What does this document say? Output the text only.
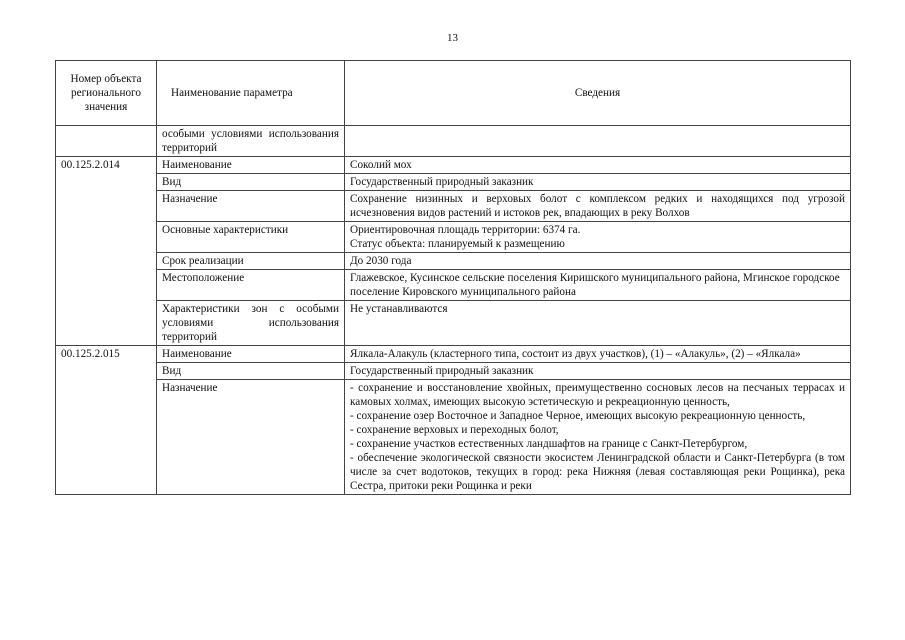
13
Номер объекта регионального значения	Наименование параметра	Сведения
	особыми условиями использования территорий	
00.125.2.014	Наименование	Соколий мох
	Вид	Государственный природный заказник
	Назначение	Сохранение низинных и верховых болот с комплексом редких и находящихся под угрозой исчезновения видов растений и истоков рек, впадающих в реку Волхов
	Основные характеристики	Ориентировочная площадь территории: 6374 га.
Статус объекта: планируемый к размещению

	Срок реализации	До 2030 года
	Местоположение	Глажевское, Кусинское сельские поселения Киришского муниципального района, Мгинское городское поселение Кировского муниципального района
	Характеристики зон с особыми условиями использования территорий	Не устанавливаются
00.125.2.015	Наименование	Ялкала-Алакуль (кластерного типа, состоит из двух участков), (1) – «Алакуль», (2) – «Ялкала»
	Вид	Государственный природный заказник
	Назначение	- сохранение и восстановление хвойных, преимущественно сосновых лесов на песчаных террасах и камовых холмах, имеющих высокую эстетическую и рекреационную ценность,
- сохранение озер Восточное и Западное Черное, имеющих высокую рекреационную ценность,
- сохранение верховых и переходных болот,
- сохранение участков естественных ландшафтов на границе с Санкт-Петербургом,
- обеспечение экологической связности экосистем Ленинградской области и Санкт-Петербурга (в том числе за счет водотоков, текущих в город: река Нижняя (левая составляющая реки Рощинка), река Сестра, притоки реки Рощинка и реки
